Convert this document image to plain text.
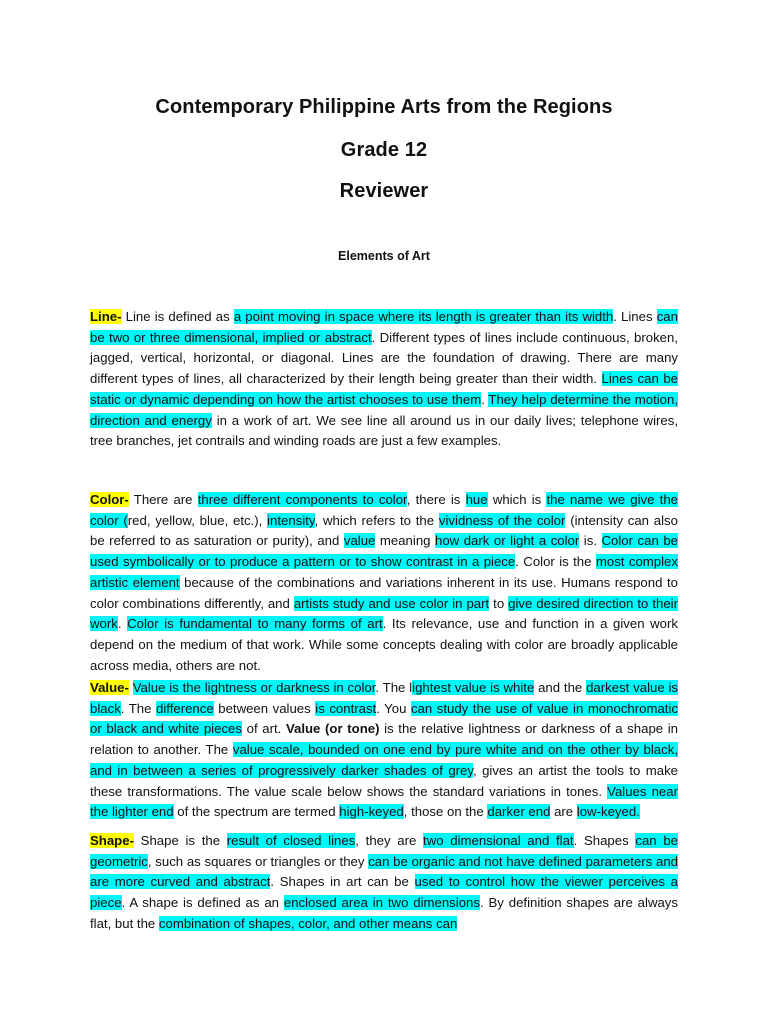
Contemporary Philippine Arts from the Regions
Grade 12
Reviewer
Elements of Art
Line- Line is defined as a point moving in space where its length is greater than its width. Lines can be two or three dimensional, implied or abstract. Different types of lines include continuous, broken, jagged, vertical, horizontal, or diagonal. Lines are the foundation of drawing. There are many different types of lines, all characterized by their length being greater than their width. Lines can be static or dynamic depending on how the artist chooses to use them. They help determine the motion, direction and energy in a work of art. We see line all around us in our daily lives; telephone wires, tree branches, jet contrails and winding roads are just a few examples.
Color- There are three different components to color, there is hue which is the name we give the color (red, yellow, blue, etc.), intensity, which refers to the vividness of the color (intensity can also be referred to as saturation or purity), and value meaning how dark or light a color is. Color can be used symbolically or to produce a pattern or to show contrast in a piece. Color is the most complex artistic element because of the combinations and variations inherent in its use. Humans respond to color combinations differently, and artists study and use color in part to give desired direction to their work. Color is fundamental to many forms of art. Its relevance, use and function in a given work depend on the medium of that work. While some concepts dealing with color are broadly applicable across media, others are not.
Value- Value is the lightness or darkness in color. The lightest value is white and the darkest value is black. The difference between values is contrast. You can study the use of value in monochromatic or black and white pieces of art. Value (or tone) is the relative lightness or darkness of a shape in relation to another. The value scale, bounded on one end by pure white and on the other by black, and in between a series of progressively darker shades of grey, gives an artist the tools to make these transformations. The value scale below shows the standard variations in tones. Values near the lighter end of the spectrum are termed high-keyed, those on the darker end are low-keyed.
Shape- Shape is the result of closed lines, they are two dimensional and flat. Shapes can be geometric, such as squares or triangles or they can be organic and not have defined parameters and are more curved and abstract. Shapes in art can be used to control how the viewer perceives a piece. A shape is defined as an enclosed area in two dimensions. By definition shapes are always flat, but the combination of shapes, color, and other means can
